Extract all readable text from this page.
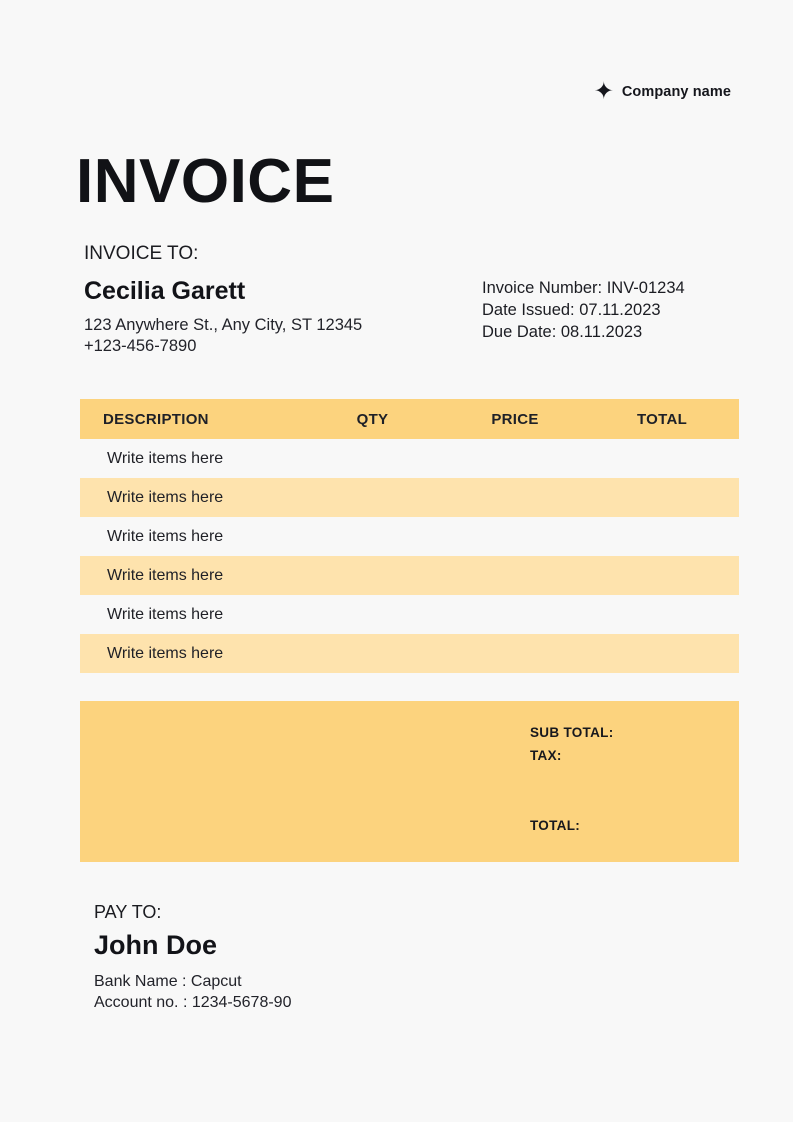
✦ Company name
INVOICE
INVOICE TO:
Cecilia Garett
123 Anywhere St., Any City, ST 12345
+123-456-7890
Invoice Number: INV-01234
Date Issued: 07.11.2023
Due Date: 08.11.2023
DESCRIPTION	QTY	PRICE	TOTAL
Write items here
Write items here
Write items here
Write items here
Write items here
Write items here
SUB TOTAL:
TAX:
TOTAL:
PAY TO:
John Doe
Bank Name : Capcut
Account no. : 1234-5678-90
